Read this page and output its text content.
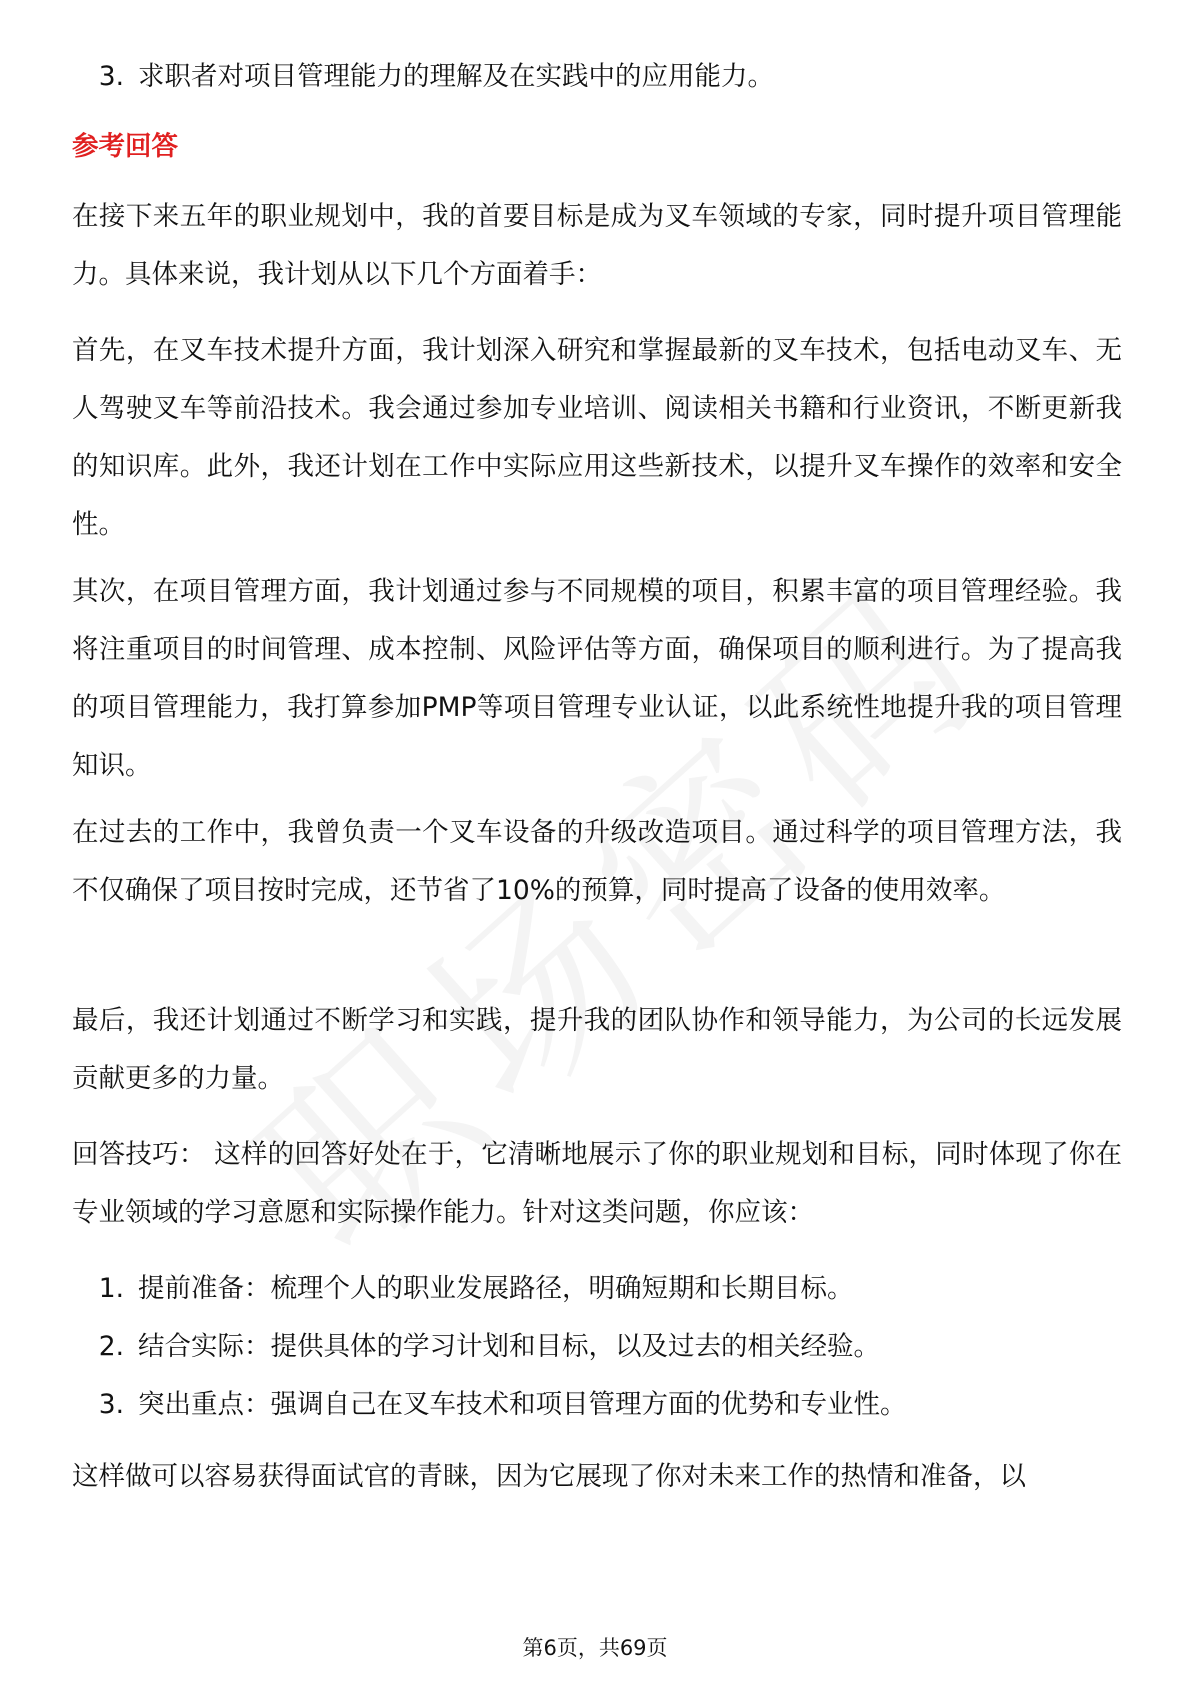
3. 求职者对项目管理能力的理解及在实践中的应用能力。
参考回答
在接下来五年的职业规划中，我的首要目标是成为叉车领域的专家，同时提升项目管理能力。具体来说，我计划从以下几个方面着手：
首先，在叉车技术提升方面，我计划深入研究和掌握最新的叉车技术，包括电动叉车、无人驾驶叉车等前沿技术。我会通过参加专业培训、阅读相关书籍和行业资讯，不断更新我的知识库。此外，我还计划在工作中实际应用这些新技术，以提升叉车操作的效率和安全性。
其次，在项目管理方面，我计划通过参与不同规模的项目，积累丰富的项目管理经验。我将注重项目的时间管理、成本控制、风险评估等方面，确保项目的顺利进行。为了提高我的项目管理能力，我打算参加PMP等项目管理专业认证，以此系统性地提升我的项目管理知识。
在过去的工作中，我曾负责一个叉车设备的升级改造项目。通过科学的项目管理方法，我不仅确保了项目按时完成，还节省了10%的预算，同时提高了设备的使用效率。
最后，我还计划通过不断学习和实践，提升我的团队协作和领导能力，为公司的长远发展贡献更多的力量。
回答技巧： 这样的回答好处在于，它清晰地展示了你的职业规划和目标，同时体现了你在专业领域的学习意愿和实际操作能力。针对这类问题，你应该：
1. 提前准备：梳理个人的职业发展路径，明确短期和长期目标。
2. 结合实际：提供具体的学习计划和目标，以及过去的相关经验。
3. 突出重点：强调自己在叉车技术和项目管理方面的优势和专业性。
这样做可以容易获得面试官的青睐，因为它展现了你对未来工作的热情和准备，以
第6页，共69页
